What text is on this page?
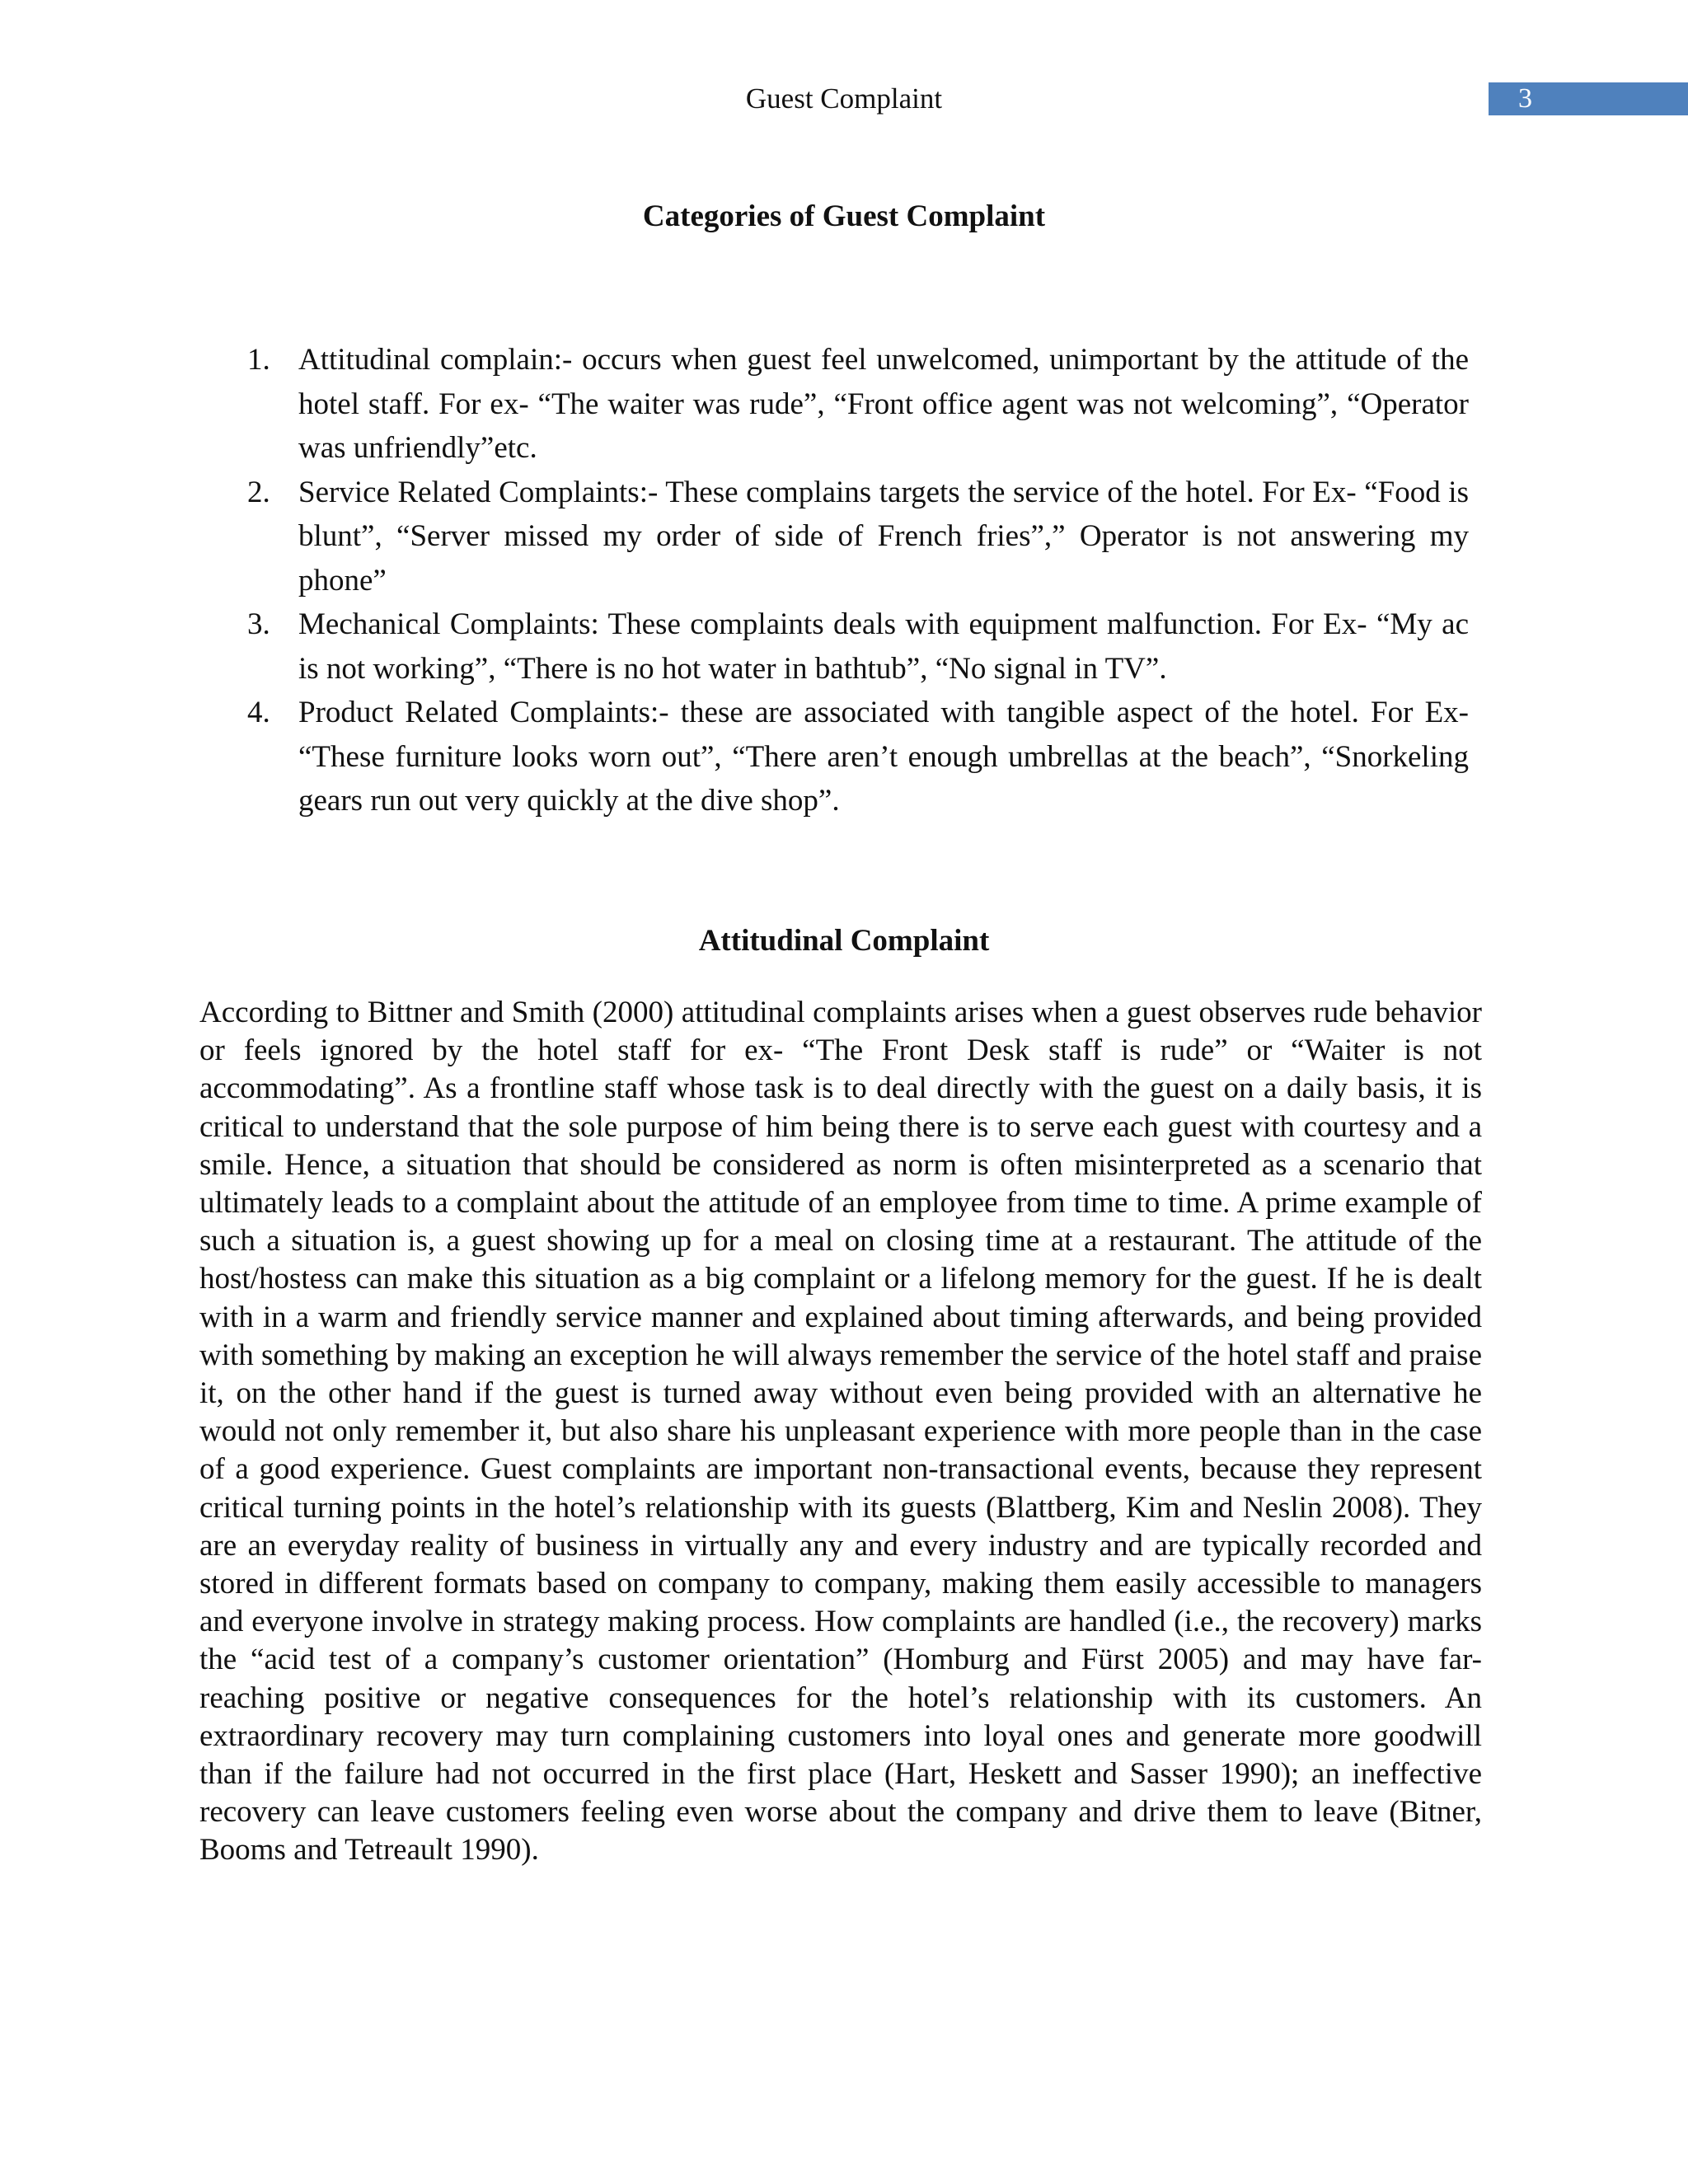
Guest Complaint	3
Categories of Guest Complaint
1. Attitudinal complain:- occurs when guest feel unwelcomed, unimportant by the attitude of the hotel staff. For ex- “The waiter was rude”, “Front office agent was not welcoming”, “Operator was unfriendly”etc.
2. Service Related Complaints:- These complains targets the service of the hotel. For Ex- “Food is blunt”, “Server missed my order of side of French fries”,” Operator is not answering my phone”
3. Mechanical Complaints: These complaints deals with equipment malfunction. For Ex- “My ac is not working”, “There is no hot water in bathtub”, “No signal in TV”.
4. Product Related Complaints:- these are associated with tangible aspect of the hotel. For Ex- “These furniture looks worn out”, “There aren’t enough umbrellas at the beach”, “Snorkeling gears run out very quickly at the dive shop”.
Attitudinal Complaint

According to Bittner and Smith (2000) attitudinal complaints arises when a guest observes rude behavior or feels ignored by the hotel staff for ex- “The Front Desk staff is rude” or “Waiter is not accommodating”. As a frontline staff whose task is to deal directly with the guest on a daily basis, it is critical to understand that the sole purpose of him being there is to serve each guest with courtesy and a smile. Hence, a situation that should be considered as norm is often misinterpreted as a scenario that ultimately leads to a complaint about the attitude of an employee from time to time. A prime example of such a situation is, a guest showing up for a meal on closing time at a restaurant. The attitude of the host/hostess can make this situation as a big complaint or a lifelong memory for the guest. If he is dealt with in a warm and friendly service manner and explained about timing afterwards, and being provided with something by making an exception he will always remember the service of the hotel staff and praise it, on the other hand if the guest is turned away without even being provided with an alternative he would not only remember it, but also share his unpleasant experience with more people than in the case of a good experience. Guest complaints are important non-transactional events, because they represent critical turning points in the hotel’s relationship with its guests (Blattberg, Kim and Neslin 2008). They are an everyday reality of business in virtually any and every industry and are typically recorded and stored in different formats based on company to company, making them easily accessible to managers and everyone involve in strategy making process. How complaints are handled (i.e., the recovery) marks the “acid test of a company’s customer orientation” (Homburg and Fürst 2005) and may have far-reaching positive or negative consequences for the hotel’s relationship with its customers. An extraordinary recovery may turn complaining customers into loyal ones and generate more goodwill than if the failure had not occurred in the first place (Hart, Heskett and Sasser 1990); an ineffective recovery can leave customers feeling even worse about the company and drive them to leave (Bitner, Booms and Tetreault 1990).
